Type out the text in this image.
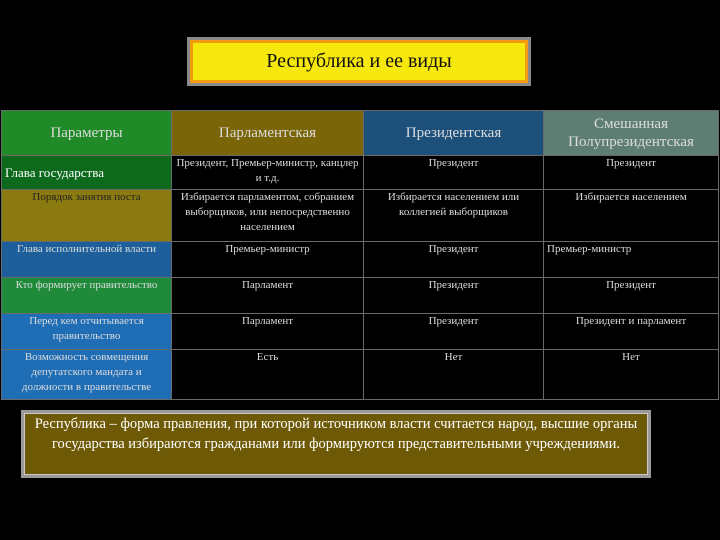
Республика и ее виды
Параметры	Парламентская	Президентская	Смешанная Полупрезидентская
Глава государства	Президент, Премьер-министр, канцлер и т.д.	Президент	Президент
Порядок занятия поста	Избирается парламентом, собранием выборщиков, или непосредственно населением	Избирается населением или коллегией выборщиков	Избирается населением
Глава исполнительной власти	Премьер-министр	Президент	Премьер-министр
Кто формирует правительство	Парламент	Президент	Президент
Перед кем отчитывается правительство	Парламент	Президент	Президент и парламент
Возможность совмещения депутатского мандата и должности в правительстве	Есть	Нет	Нет
Республика – форма правления, при которой источником власти считается народ, высшие органы государства избираются гражданами или формируются представительными учреждениями.
